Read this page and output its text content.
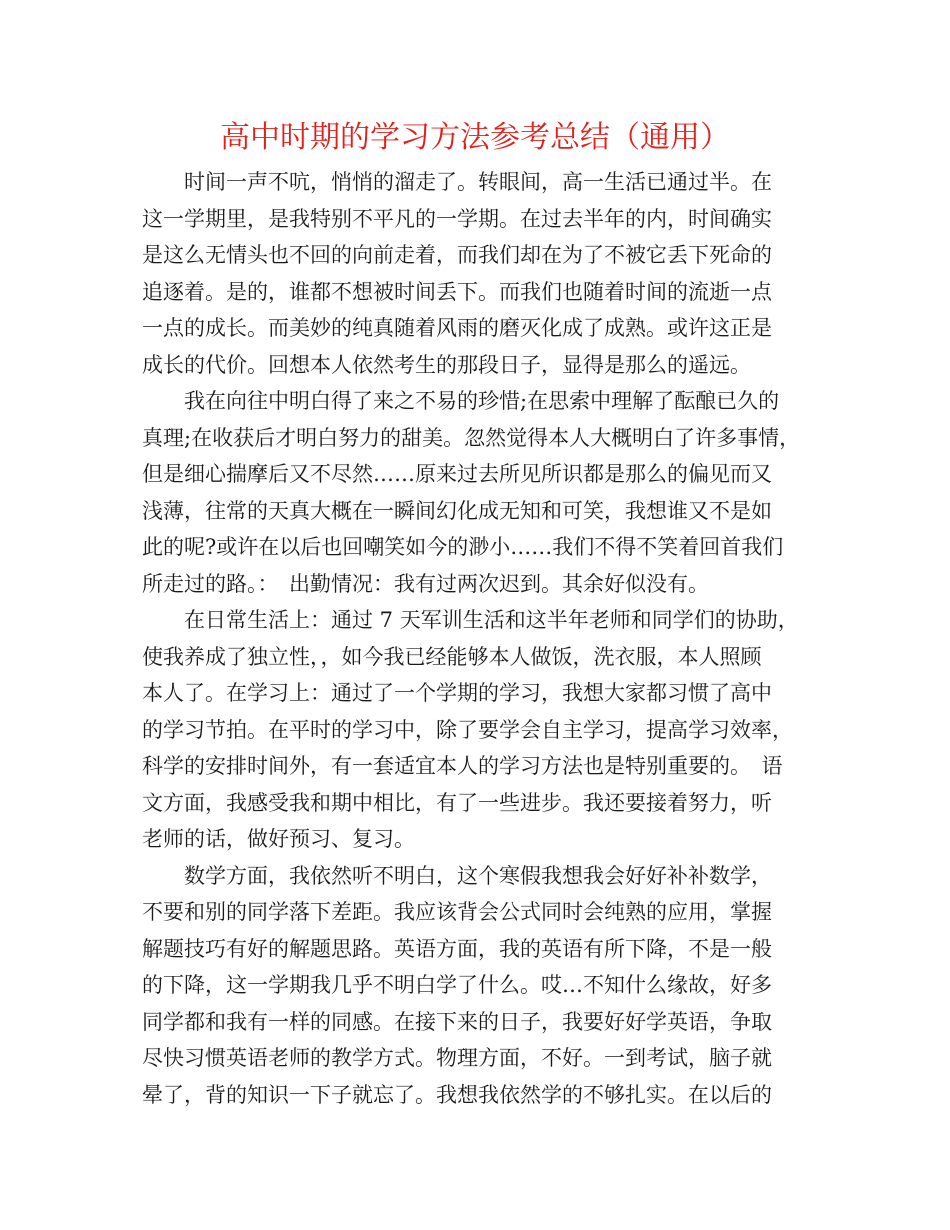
高中时期的学习方法参考总结（通用）
　　时间一声不吭，悄悄的溜走了。转眼间，高一生活已通过半。在
这一学期里，是我特别不平凡的一学期。在过去半年的内，时间确实
是这么无情头也不回的向前走着，而我们却在为了不被它丢下死命的
追逐着。是的，谁都不想被时间丢下。而我们也随着时间的流逝一点
一点的成长。而美妙的纯真随着风雨的磨灭化成了成熟。或许这正是
成长的代价。回想本人依然考生的那段日子，显得是那么的遥远。
　　我在向往中明白得了来之不易的珍惜;在思索中理解了酝酿已久的
真理;在收获后才明白努力的甜美。忽然觉得本人大概明白了许多事情，
但是细心揣摩后又不尽然……原来过去所见所识都是那么的偏见而又
浅薄，往常的天真大概在一瞬间幻化成无知和可笑，我想谁又不是如
此的呢?或许在以后也回嘲笑如今的渺小……我们不得不笑着回首我们
所走过的路。：　出勤情况：我有过两次迟到。其余好似没有。
　　在日常生活上：通过 7 天军训生活和这半年老师和同学们的协助，
使我养成了独立性，，如今我已经能够本人做饭，洗衣服，本人照顾
本人了。在学习上：通过了一个学期的学习，我想大家都习惯了高中
的学习节拍。在平时的学习中，除了要学会自主学习，提高学习效率，
科学的安排时间外，有一套适宜本人的学习方法也是特别重要的。　语
文方面，我感受我和期中相比，有了一些进步。我还要接着努力，听
老师的话，做好预习、复习。
　　数学方面，我依然听不明白，这个寒假我想我会好好补补数学，
不要和别的同学落下差距。我应该背会公式同时会纯熟的应用，掌握
解题技巧有好的解题思路。英语方面，我的英语有所下降，不是一般
的下降，这一学期我几乎不明白学了什么。哎…不知什么缘故，好多
同学都和我有一样的同感。在接下来的日子，我要好好学英语，争取
尽快习惯英语老师的教学方式。物理方面，不好。一到考试，脑子就
晕了，背的知识一下子就忘了。我想我依然学的不够扎实。在以后的
